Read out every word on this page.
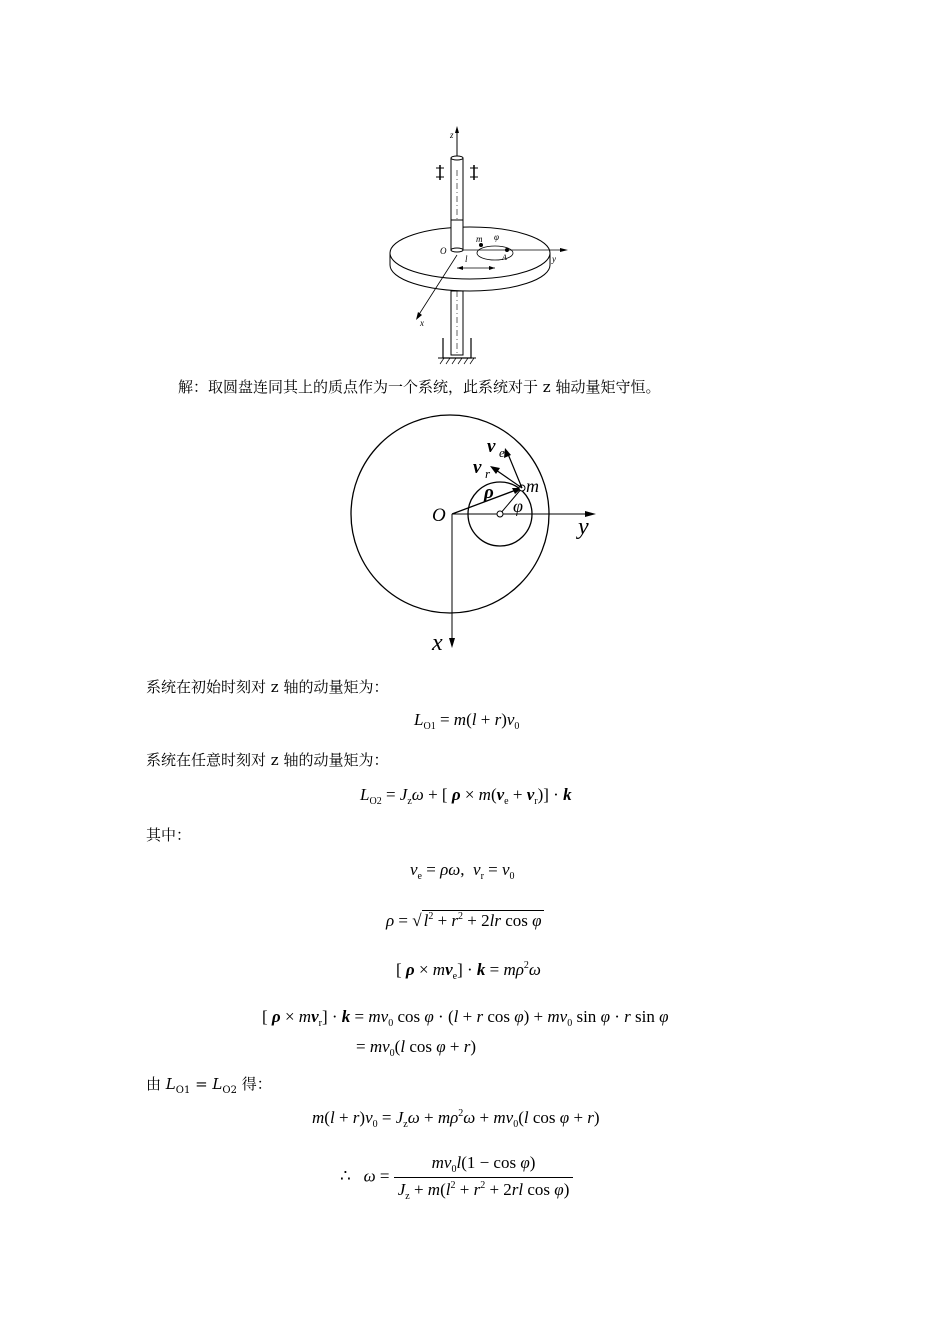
z
y
x
O
m φ
A
l
解：取圆盘连同其上的质点作为一个系统，此系统对于 z 轴动量矩守恒。
y
x
v e
v r
ρ m
O	φ
系统在初始时刻对 z 轴的动量矩为：
$L_{O1} = m(l + r)v_0$
系统在任意时刻对 z 轴的动量矩为：
$L_{O2} = J_z\omega$ + [ $\rho \times m(v_e + v_r)] \cdot k$
其中：
$v_e = \rho\omega$,  $v_r = v_0$
ρ = √ $l^2 + r^2 + 2lr$ cos φ
[ $\rho \times mv_e] \cdot k = m\rho^2\omega$
[ $\rho \times mv_r] \cdot k = mv_0$ cos φ · (l + r $\cos \varphi) + mv_0$ sin φ · r sin φ
= $mv_0(l$ cos φ + r)
由 $L_{O1} = L_{O2}$ 得：
$m(l + r)v_0 = J_z\omega + m\rho^2\omega + mv_0(l$ cos φ + r)
∴   $\omega = \frac{mv_0l(1 - \cos \varphi)}{J_z + m(l^2 + r^2 + 2rl \cos \varphi)}$
